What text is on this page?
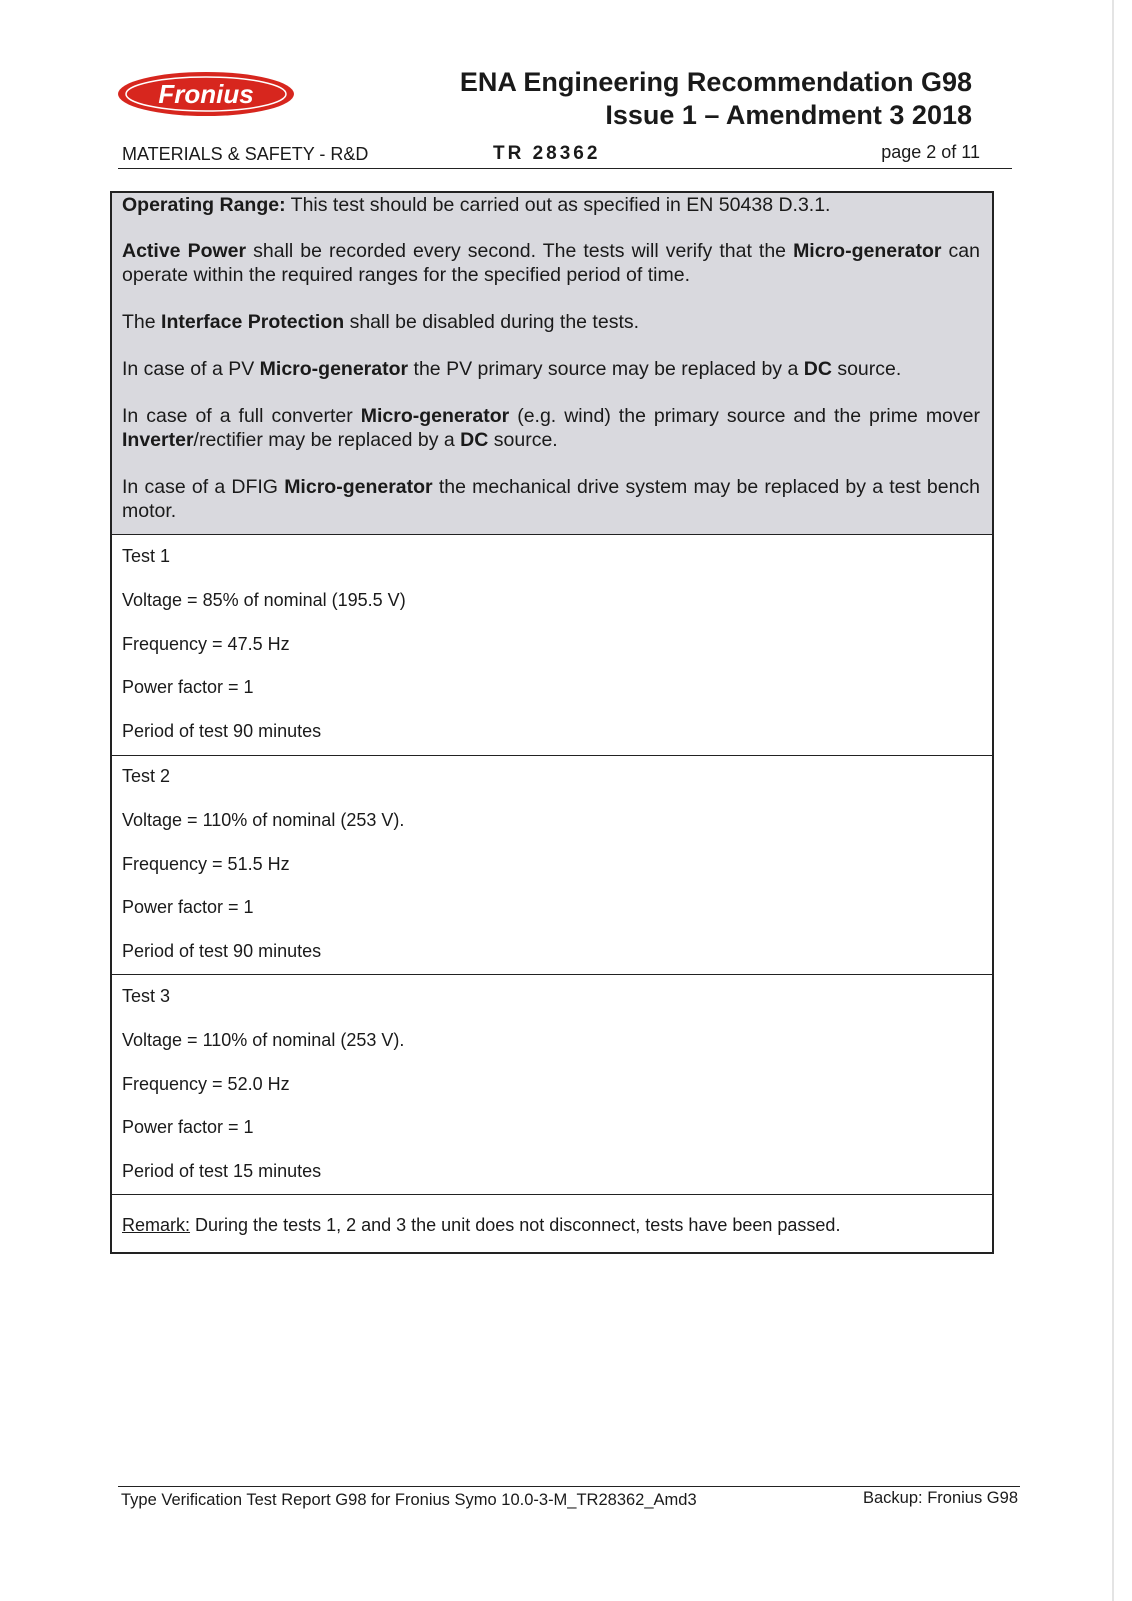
Fronius	ENA Engineering Recommendation G98
Issue 1 – Amendment 3 2018
MATERIALS & SAFETY - R&D	TR 28362	page 2 of 11

Operating Range: This test should be carried out as specified in EN 50438 D.3.1.

Active Power shall be recorded every second. The tests will verify that the Micro-generator can operate within the required ranges for the specified period of time.

The Interface Protection shall be disabled during the tests.

In case of a PV Micro-generator the PV primary source may be replaced by a DC source.

In case of a full converter Micro-generator (e.g. wind) the primary source and the prime mover Inverter/rectifier may be replaced by a DC source.

In case of a DFIG Micro-generator the mechanical drive system may be replaced by a test bench motor.

Test 1
Voltage = 85% of nominal (195.5 V)
Frequency = 47.5 Hz
Power factor = 1
Period of test 90 minutes
Test 2
Voltage = 110% of nominal (253 V).
Frequency = 51.5 Hz
Power factor = 1
Period of test 90 minutes
Test 3
Voltage = 110% of nominal (253 V).
Frequency = 52.0 Hz
Power factor = 1
Period of test 15 minutes
Remark: During the tests 1, 2 and 3 the unit does not disconnect, tests have been passed.
Type Verification Test Report G98 for Fronius Symo 10.0-3-M_TR28362_Amd3	Backup: Fronius G98
